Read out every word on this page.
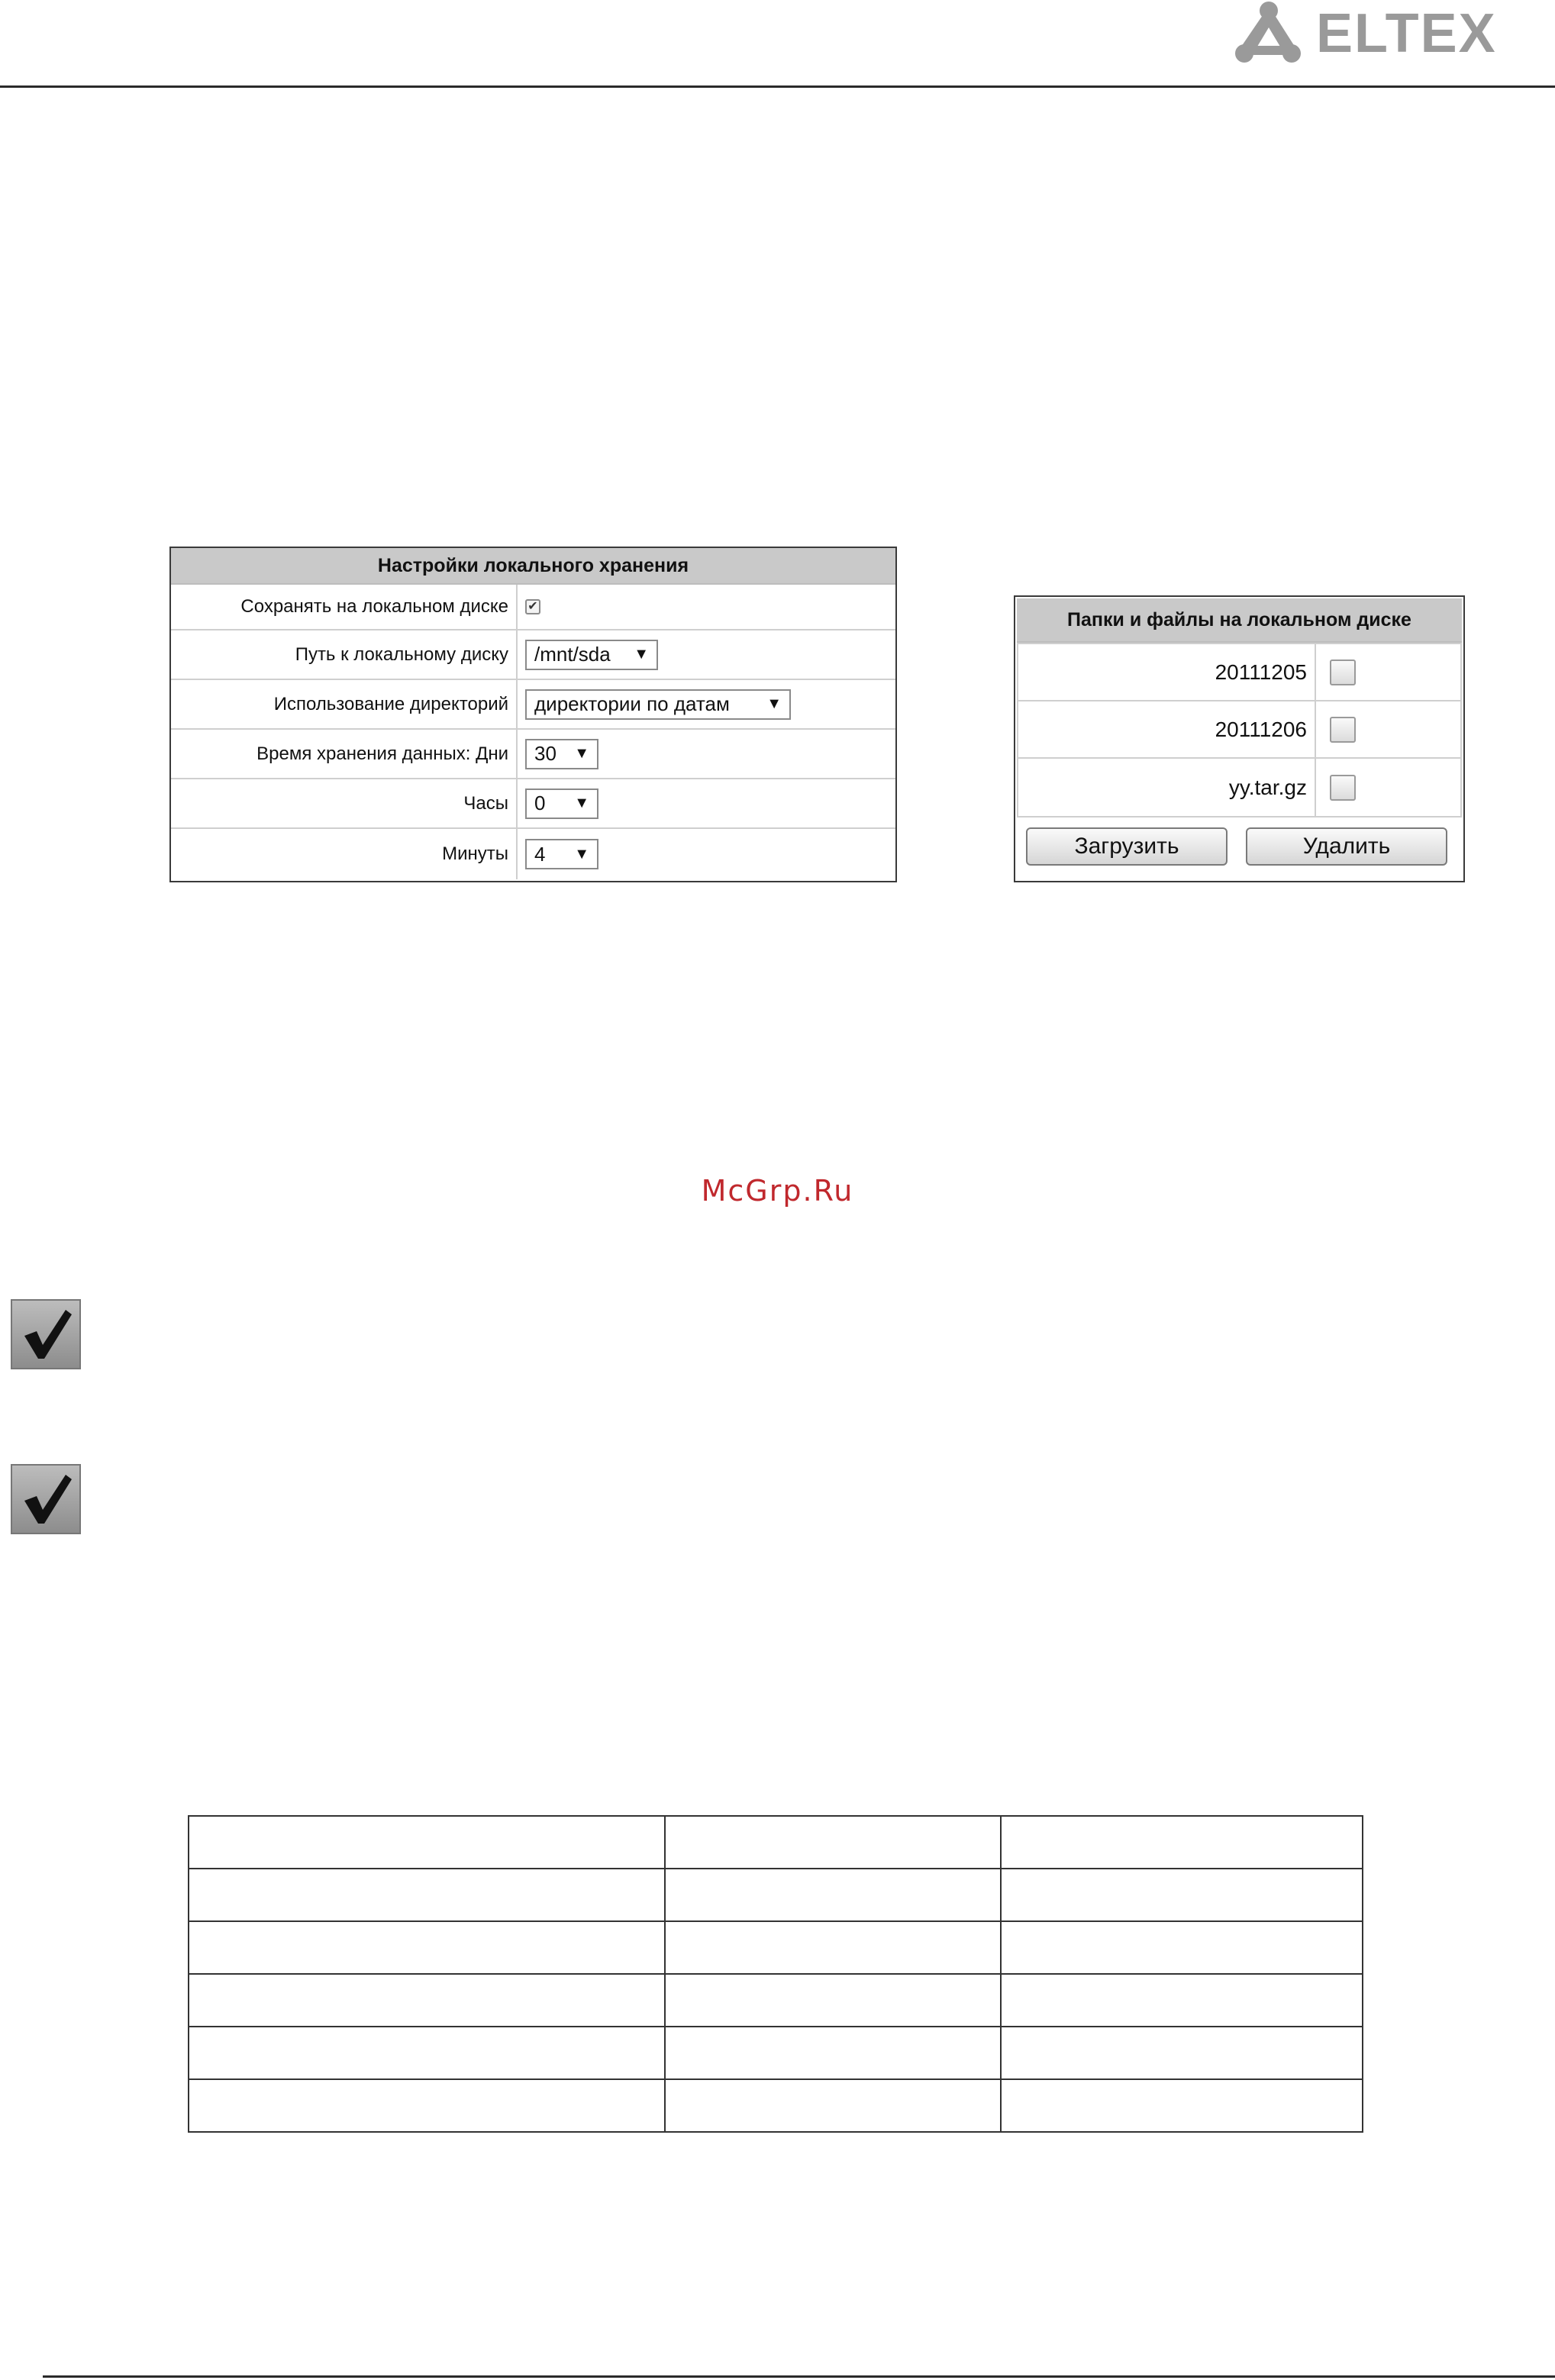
ELTEX
Настройки локального хранения
Сохранять на локальном диске	✔
Путь к локальному диску	/mnt/sda ▼
Использование директорий	директории по датам ▼
Время хранения данных: Дни	30 ▼
Часы	0 ▼
Минуты	4 ▼
Папки и файлы на локальном диске
20111205
20111206
yy.tar.gz
Загрузить	Удалить
McGrp.Ru
